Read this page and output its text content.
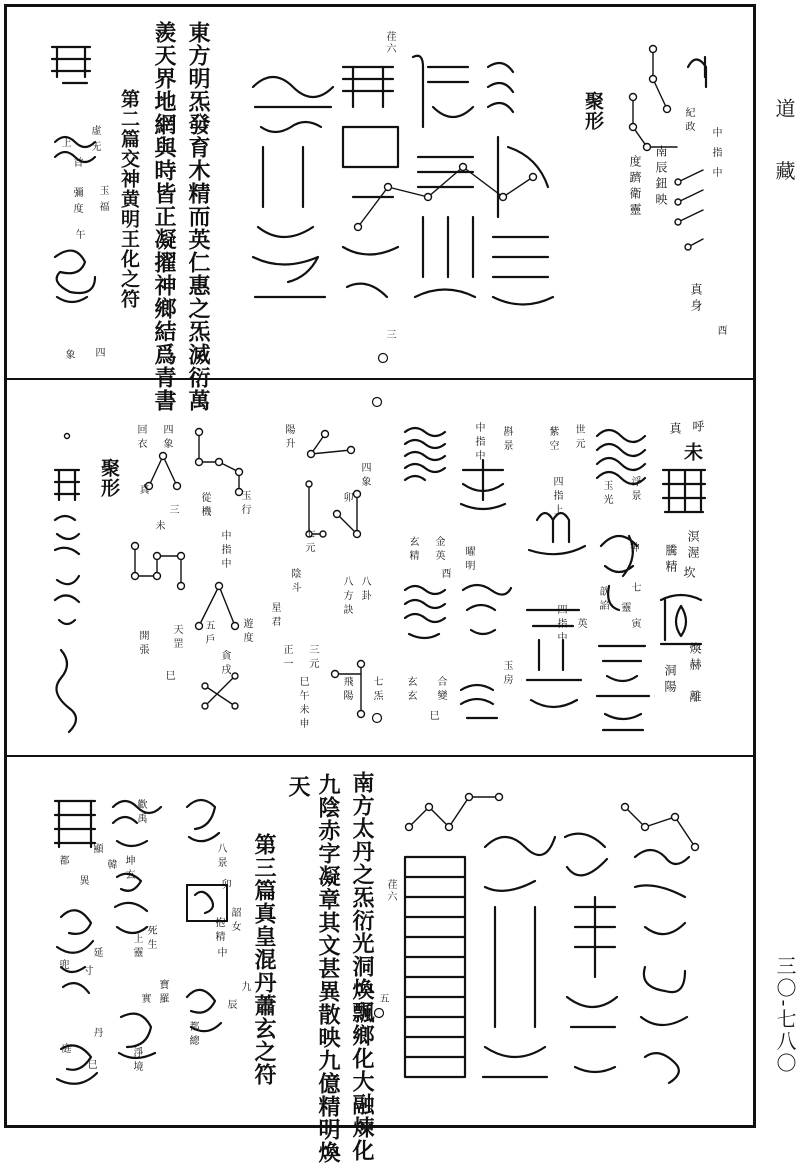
道 藏
三〇-七八〇
東方明炁發育木精而英仁惠之炁滅衍萬
羨天界地網與時皆正凝擢神鄉結爲青書
第二篇交神黄明王化之符
虚
无
上
首
玉
福
彌
度
午
四
象
荏
六
三
聚形	紀
政
中
指
中
南
辰
鈕
映
度
躋
衛
靈
真
身
酉
呼
真
未
溟
渥
騰
精 坎
煥
赫
洞
陽
離
世
元
浮
景
玉
光
神
七
靈
歆
諂
寅
紫
空
四
指
上
四
指
中
英
玉
房
斟
景
中
指
中
金
英
酉
曜
明
合
變
巳
玄
精
玄
玄
陽
升
四
象
卯
八
卦
八
方
訣
七
元
陰
斗
三
元
正
一
巳
午
未
申
飛
陽
七
炁
星
君
四
象
玉
行
回
衣
從
機
三
未
中
指
中
遊
度
五
戶
貪
戌
真
天
罡
巳
開
張
聚形
荏
六
五
南方太丹之炁衍光洞煥飄鄉化大融煉化
九陰赤字凝章其文甚異散映九億精明煥
第三篇真皇混丹蕭玄之符
天
八
景
卯
韶
女
中
九
辰
抱
精
都
總
歡
禹
坤
玄
死
生
上
靈
寶
羅
實
韓
淨
境
都
顯
異
延
寸
丹
兜
庭
巳
